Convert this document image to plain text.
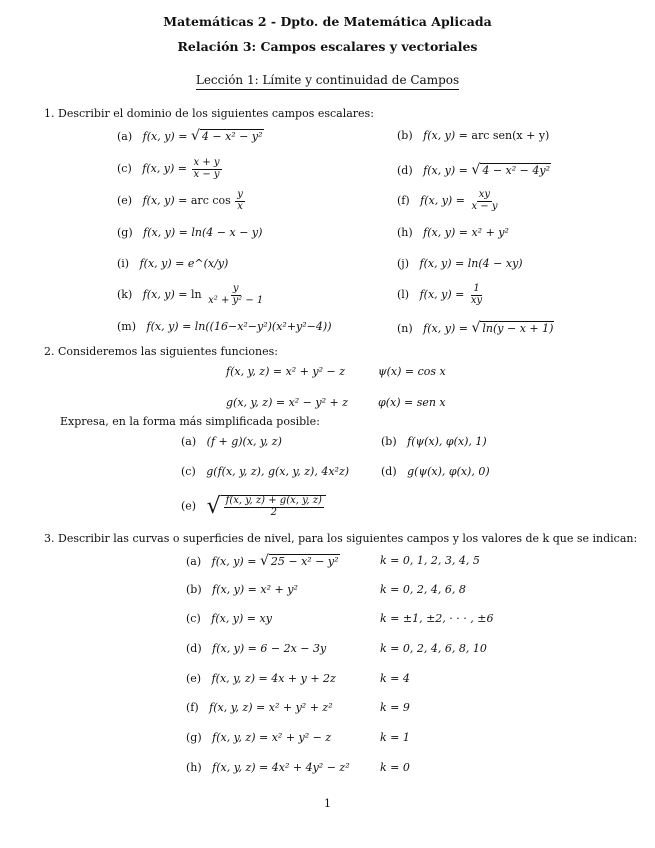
Matemáticas 2 - Dpto. de Matemática Aplicada
Relación 3: Campos escalares y vectoriales
Lección 1: Límite y continuidad de Campos
1. Describir el dominio de los siguientes campos escalares:
(a) f(x, y) = √ 4 − x² − y²	(b) f(x, y) = arc sen(x + y)
(c) f(x, $y) = \frac{x + y}{x - y}$	(d) f(x, y) = √ 4 − x² − 4y²
(e) f(x, y) = arc $\cos \frac{y}{x}$	(f) f(x, $y) = \frac{xy}{x - y}$
(g) f(x, y) = ln(4 − x − y)	(h) f(x, y) = x² + y²
(i) f(x, y) = e^(x/y)	(j) f(x, y) = ln(4 − xy)
(k) f(x, $y) = \ln \frac{y}{\text{x² + y² − 1}}$	(l) f(x, $y) = \frac{1}{xy}$
(m) f(x, y) = ln((16−x²−y²)(x²+y²−4))	(n) f(x, y) = √ ln(y − x + 1)
2. Consideremos las siguientes funciones:
f(x, y, z) = x² + y² − z	ψ(x) = cos x
g(x, y, z) = x² − y² + z	φ(x) = sen x
Expresa, en la forma más simplificada posible:
(a) (f + g)(x, y, z)	(b) f(ψ(x), φ(x), 1)
(c) g(f(x, y, z), g(x, y, z), 4x²z)	(d) g(ψ(x), φ(x), 0)
(e) √ $\frac{f(x, y, z) + g(x, y, z)}{2}$
3. Describir las curvas o superficies de nivel, para los siguientes campos y los valores de k que se indican:
(a) f(x, y) = √ 25 − x² − y²	k = 0, 1, 2, 3, 4, 5
(b) f(x, y) = x² + y²	k = 0, 2, 4, 6, 8
(c) f(x, y) = xy	k = ±1, ±2, · · · , ±6
(d) f(x, y) = 6 − 2x − 3y	k = 0, 2, 4, 6, 8, 10
(e) f(x, y, z) = 4x + y + 2z	k = 4
(f) f(x, y, z) = x² + y² + z²	k = 9
(g) f(x, y, z) = x² + y² − z	k = 1
(h) f(x, y, z) = 4x² + 4y² − z²	k = 0
1
